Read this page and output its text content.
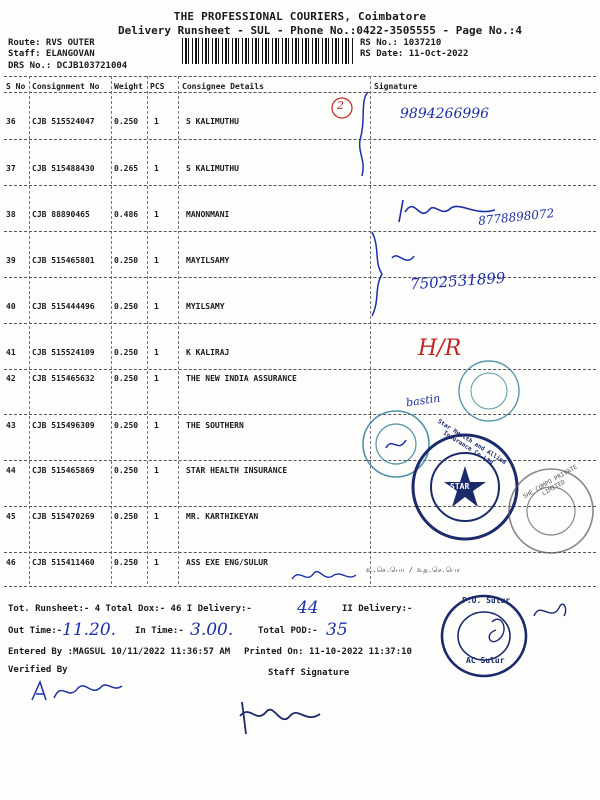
THE PROFESSIONAL COURIERS, Coimbatore
Delivery Runsheet - SUL - Phone No.:0422-3505555 - Page No.:4
Route: RVS OUTER
Staff: ELANGOVAN
DRS No.: DCJB103721004
RS No.: 1037210
RS Date: 11-Oct-2022
S No Consignment No Weight PCS Consignee Details	Signature
36 CJB 515524047 0.250 1	S KALIMUTHU
37 CJB 515488430 0.265 1	S KALIMUTHU
38 CJB 88890465	0.486 1	MANONMANI
39 CJB 515465801 0.250 1	MAYILSAMY
40 CJB 515444496 0.250 1	MYILSAMY
41 CJB 515524109 0.250 1	K KALIRAJ
42 CJB 515465632 0.250 1	THE NEW INDIA ASSURANCE
43 CJB 515496309 0.250 1	THE SOUTHERN
44 CJB 515465869 0.250 1	STAR HEALTH INSURANCE
45 CJB 515470269 0.250 1	MR. KARTHIKEYAN
46 CJB 515411460 0.250 1	ASS EXE ENG/SULUR
2
9894266996
8778898072
7502531899
H/R
bastin
உ.செ.பொ / உத.செ.பொ
STAR
Star Health and Allied Insurance Co.Ltd
SHE COMPO PRIVATE LIMITED
P.O. Sulur
AC Sulur
Tot. Runsheet:- 4 Total Dox:- 46 I Delivery:-	44	II Delivery:-
Out Time:- 11.20. In Time:- 3.00.	Total POD:- 35
Entered By :MAGSUL 10/11/2022 11:36:57 AM Printed On: 11-10-2022 11:37:10
Verified By	Staff Signature
